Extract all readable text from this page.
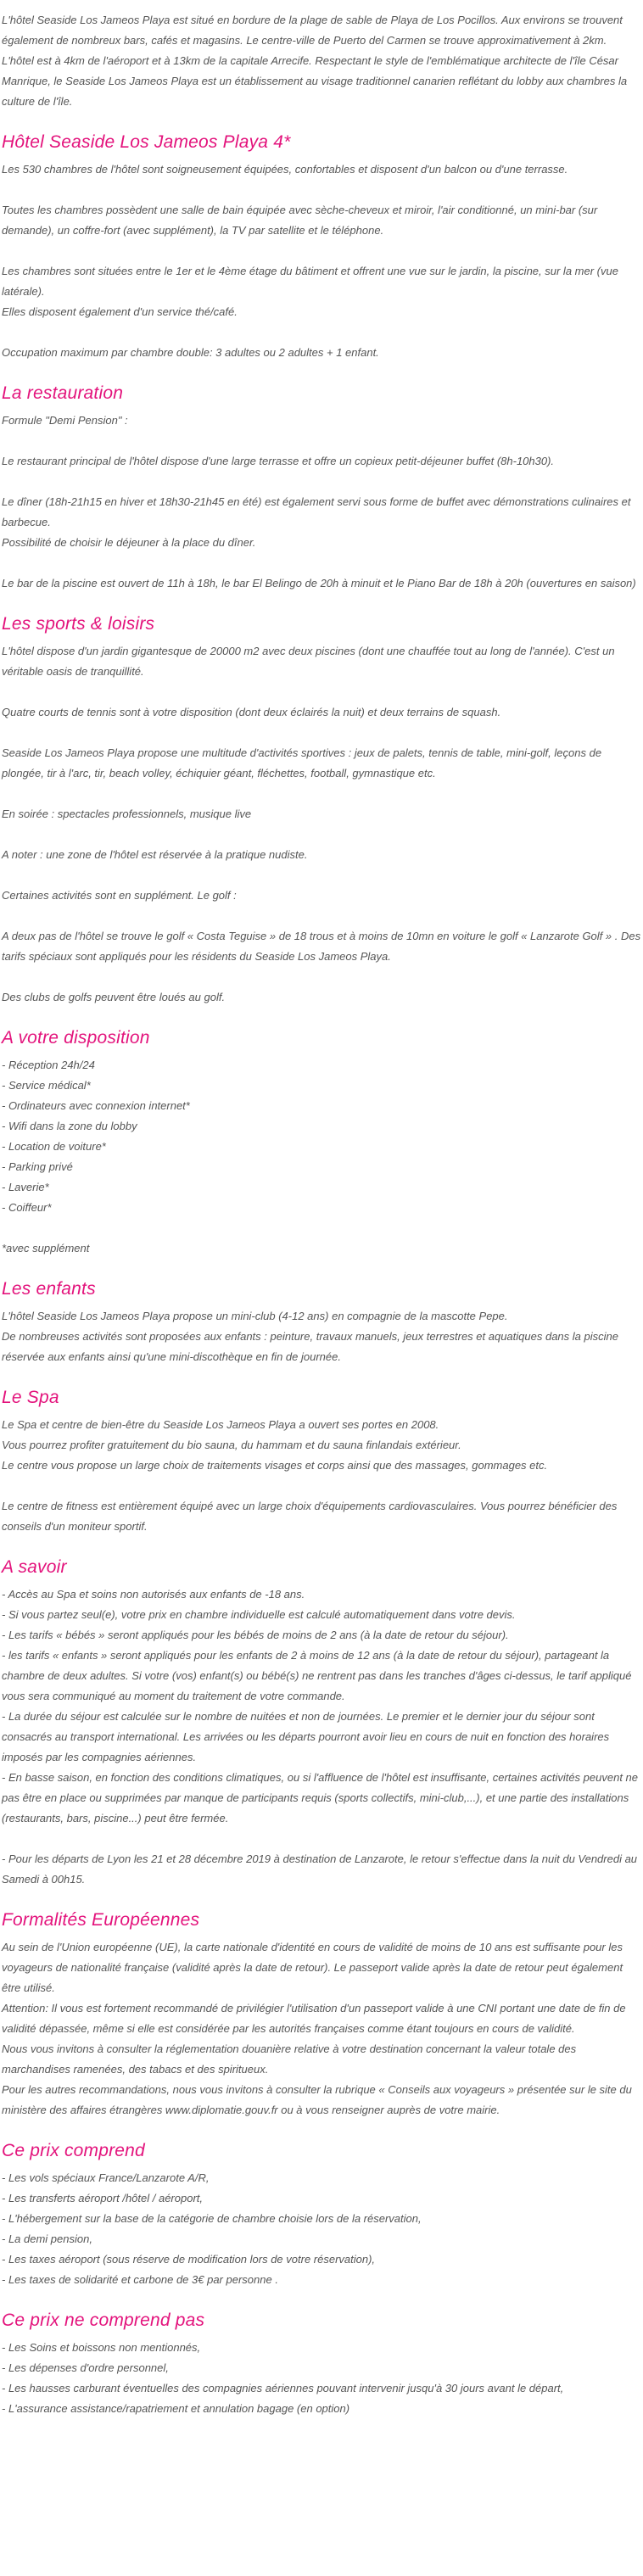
L'hôtel Seaside Los Jameos Playa est situé en bordure de la plage de sable de Playa de Los Pocillos. Aux environs se trouvent également de nombreux bars, cafés et magasins. Le centre-ville de Puerto del Carmen se trouve approximativement à 2km. L'hôtel est à 4km de l'aéroport et à 13km de la capitale Arrecife. Respectant le style de l'emblématique architecte de l'île César Manrique, le Seaside Los Jameos Playa est un établissement au visage traditionnel canarien reflétant du lobby aux chambres la culture de l'île.

Hôtel Seaside Los Jameos Playa 4*

Les 530 chambres de l'hôtel sont soigneusement équipées, confortables et disposent d'un balcon ou d'une terrasse.

Toutes les chambres possèdent une salle de bain équipée avec sèche-cheveux et miroir, l'air conditionné, un mini-bar (sur demande), un coffre-fort (avec supplément), la TV par satellite et le téléphone.

Les chambres sont situées entre le 1er et le 4ème étage du bâtiment et offrent une vue sur le jardin, la piscine, sur la mer (vue latérale).
Elles disposent également d'un service thé/café.

Occupation maximum par chambre double: 3 adultes ou 2 adultes + 1 enfant.

La restauration

Formule "Demi Pension" :

Le restaurant principal de l'hôtel dispose d'une large terrasse et offre un copieux petit-déjeuner buffet (8h-10h30).

Le dîner (18h-21h15 en hiver et 18h30-21h45 en été) est également servi sous forme de buffet avec démonstrations culinaires et barbecue.
Possibilité de choisir le déjeuner à la place du dîner.

Le bar de la piscine est ouvert de 11h à 18h, le bar El Belingo de 20h à minuit et le Piano Bar de 18h à 20h (ouvertures en saison)

Les sports & loisirs

L'hôtel dispose d'un jardin gigantesque de 20000 m2 avec deux piscines (dont une chauffée tout au long de l'année). C'est un véritable oasis de tranquillité.

Quatre courts de tennis sont à votre disposition (dont deux éclairés la nuit) et deux terrains de squash.

Seaside Los Jameos Playa propose une multitude d'activités sportives : jeux de palets, tennis de table, mini-golf, leçons de plongée, tir à l'arc, tir, beach volley, échiquier géant, fléchettes, football, gymnastique etc.

En soirée : spectacles professionnels, musique live

A noter : une zone de l'hôtel est réservée à la pratique nudiste.

Certaines activités sont en supplément. Le golf :

A deux pas de l'hôtel se trouve le golf « Costa Teguise » de 18 trous et à moins de 10mn en voiture le golf « Lanzarote Golf » . Des tarifs spéciaux sont appliqués pour les résidents du Seaside Los Jameos Playa.

Des clubs de golfs peuvent être loués au golf.

A votre disposition

- Réception 24h/24
- Service médical*
- Ordinateurs avec connexion internet*
- Wifi dans la zone du lobby
- Location de voiture*
- Parking privé
- Laverie*
- Coiffeur*

*avec supplément

Les enfants

L'hôtel Seaside Los Jameos Playa propose un mini-club (4-12 ans) en compagnie de la mascotte Pepe.
De nombreuses activités sont proposées aux enfants : peinture, travaux manuels, jeux terrestres et aquatiques dans la piscine réservée aux enfants ainsi qu'une mini-discothèque en fin de journée.

Le Spa

Le Spa et centre de bien-être du Seaside Los Jameos Playa a ouvert ses portes en 2008.
Vous pourrez profiter gratuitement du bio sauna, du hammam et du sauna finlandais extérieur.
Le centre vous propose un large choix de traitements visages et corps ainsi que des massages, gommages etc.

Le centre de fitness est entièrement équipé avec un large choix d'équipements cardiovasculaires. Vous pourrez bénéficier des conseils d'un moniteur sportif.

A savoir

- Accès au Spa et soins non autorisés aux enfants de -18 ans.
- Si vous partez seul(e), votre prix en chambre individuelle est calculé automatiquement dans votre devis.
- Les tarifs « bébés » seront appliqués pour les bébés de moins de 2 ans (à la date de retour du séjour).
- les tarifs « enfants » seront appliqués pour les enfants de 2 à moins de 12 ans (à la date de retour du séjour), partageant la chambre de deux adultes. Si votre (vos) enfant(s) ou bébé(s) ne rentrent pas dans les tranches d'âges ci-dessus, le tarif appliqué vous sera communiqué au moment du traitement de votre commande.
- La durée du séjour est calculée sur le nombre de nuitées et non de journées. Le premier et le dernier jour du séjour sont consacrés au transport international. Les arrivées ou les départs pourront avoir lieu en cours de nuit en fonction des horaires imposés par les compagnies aériennes.
- En basse saison, en fonction des conditions climatiques, ou si l'affluence de l'hôtel est insuffisante, certaines activités peuvent ne pas être en place ou supprimées par manque de participants requis (sports collectifs, mini-club,...), et une partie des installations (restaurants, bars, piscine...) peut être fermée.

- Pour les départs de Lyon les 21 et 28 décembre 2019 à destination de Lanzarote, le retour s'effectue dans la nuit du Vendredi au Samedi à 00h15.

Formalités Européennes

Au sein de l'Union européenne (UE), la carte nationale d'identité en cours de validité de moins de 10 ans est suffisante pour les voyageurs de nationalité française (validité après la date de retour). Le passeport valide après la date de retour peut également être utilisé.
Attention: Il vous est fortement recommandé de privilégier l'utilisation d'un passeport valide à une CNI portant une date de fin de validité dépassée, même si elle est considérée par les autorités françaises comme étant toujours en cours de validité.
Nous vous invitons à consulter la réglementation douanière relative à votre destination concernant la valeur totale des marchandises ramenées, des tabacs et des spiritueux.
Pour les autres recommandations, nous vous invitons à consulter la rubrique « Conseils aux voyageurs » présentée sur le site du ministère des affaires étrangères www.diplomatie.gouv.fr ou à vous renseigner auprès de votre mairie.

Ce prix comprend

- Les vols spéciaux France/Lanzarote A/R,
- Les transferts aéroport /hôtel / aéroport,
- L'hébergement sur la base de la catégorie de chambre choisie lors de la réservation,
- La demi pension,
- Les taxes aéroport (sous réserve de modification lors de votre réservation),
- Les taxes de solidarité et carbone de 3€ par personne .

Ce prix ne comprend pas

- Les Soins et boissons non mentionnés,
- Les dépenses d'ordre personnel,
- Les hausses carburant éventuelles des compagnies aériennes pouvant intervenir jusqu'à 30 jours avant le départ,
- L'assurance assistance/rapatriement et annulation bagage (en option)
